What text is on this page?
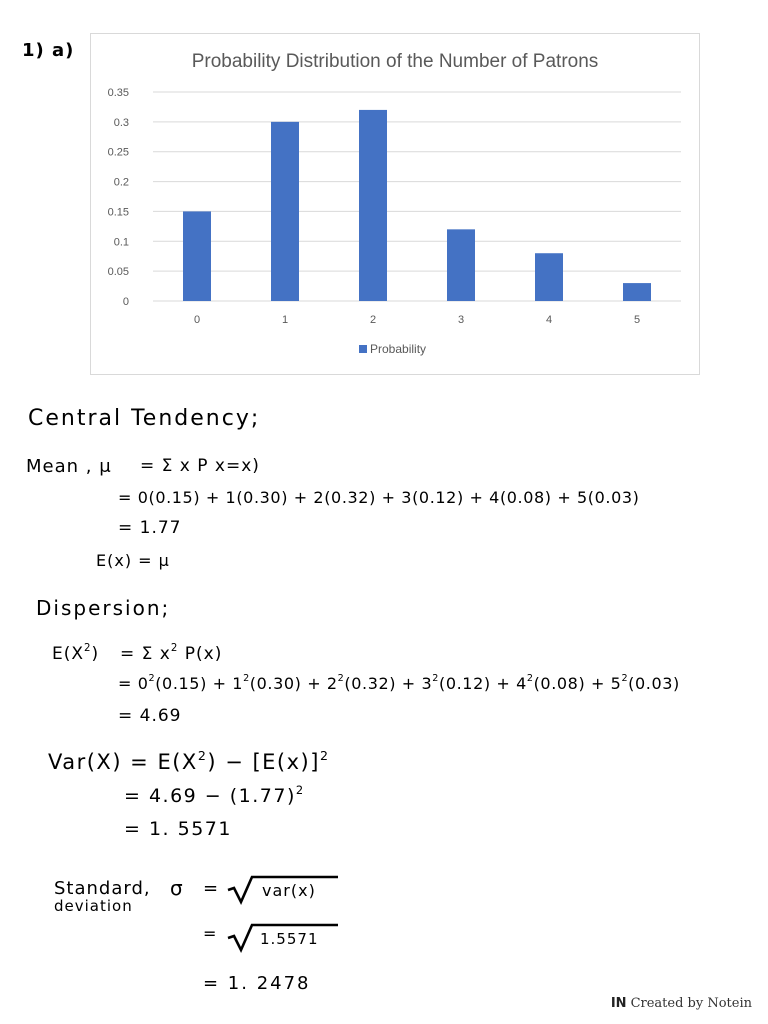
1) a)
Probability Distribution of the Number of Patrons
0
0.05
0.1
0.15
0.2
0.25
0.3
0.35
0	1	2	3	4	5
Probability
Central Tendency;
Mean , μ = Σ x P x=x)
= 0(0.15) + 1(0.30) + 2(0.32) + 3(0.12) + 4(0.08) + 5(0.03)
= 1.77
E(x) = μ
Dispersion;
$E(X^2) = \Sigma$ $x^2$ P(x)
= $0^2(0.15) + 1^2(0.30) + 2^2(0.32) + 3^2(0.12) + 4^2(0.08) + 5^2(0.03)$
= 4.69
$Var(X) = E(X^2) - [E(x)]^2$
= $4.69 - (1.77)^2$
= 1. 5571
Standard,
deviation
σ =	var(x)
=	1.5571
= 1. 2478
IN Created by Notein
